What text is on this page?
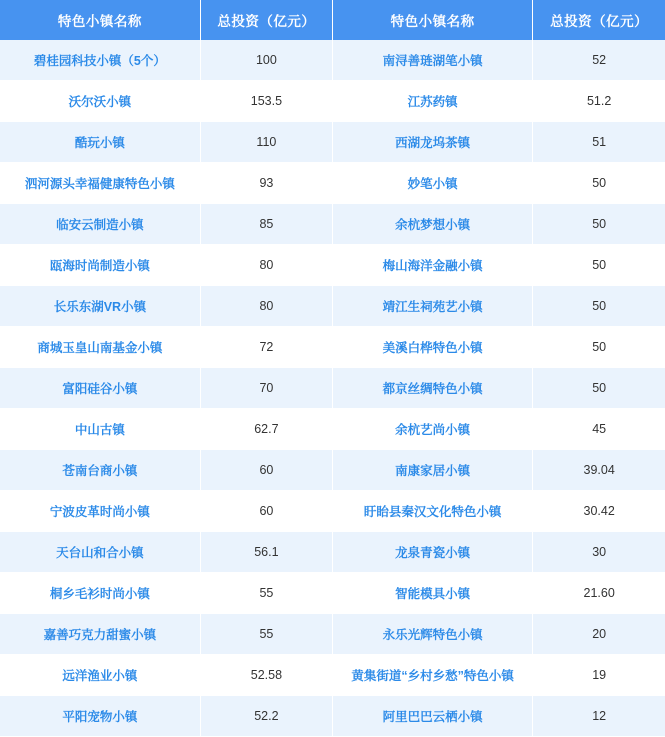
特色小镇名称	总投资（亿元）	特色小镇名称	总投资（亿元）
碧桂园科技小镇（5个）	100	南浔善琏湖笔小镇	52
沃尔沃小镇	153.5	江苏药镇	51.2
酷玩小镇	110	西湖龙坞茶镇	51
泗河源头幸福健康特色小镇	93	妙笔小镇	50
临安云制造小镇	85	余杭梦想小镇	50
瓯海时尚制造小镇	80	梅山海洋金融小镇	50
长乐东湖VR小镇	80	靖江生祠苑艺小镇	50
商城玉皇山南基金小镇	72	美溪白桦特色小镇	50
富阳硅谷小镇	70	都京丝绸特色小镇	50
中山古镇	62.7	余杭艺尚小镇	45
苍南台商小镇	60	南康家居小镇	39.04
宁波皮革时尚小镇	60	盱眙县秦汉文化特色小镇	30.42
天台山和合小镇	56.1	龙泉青瓷小镇	30
桐乡毛衫时尚小镇	55	智能模具小镇	21.60
嘉善巧克力甜蜜小镇	55	永乐光辉特色小镇	20
远洋渔业小镇	52.58	黄集街道“乡村乡愁”特色小镇	19
平阳宠物小镇	52.2	阿里巴巴云栖小镇	12
